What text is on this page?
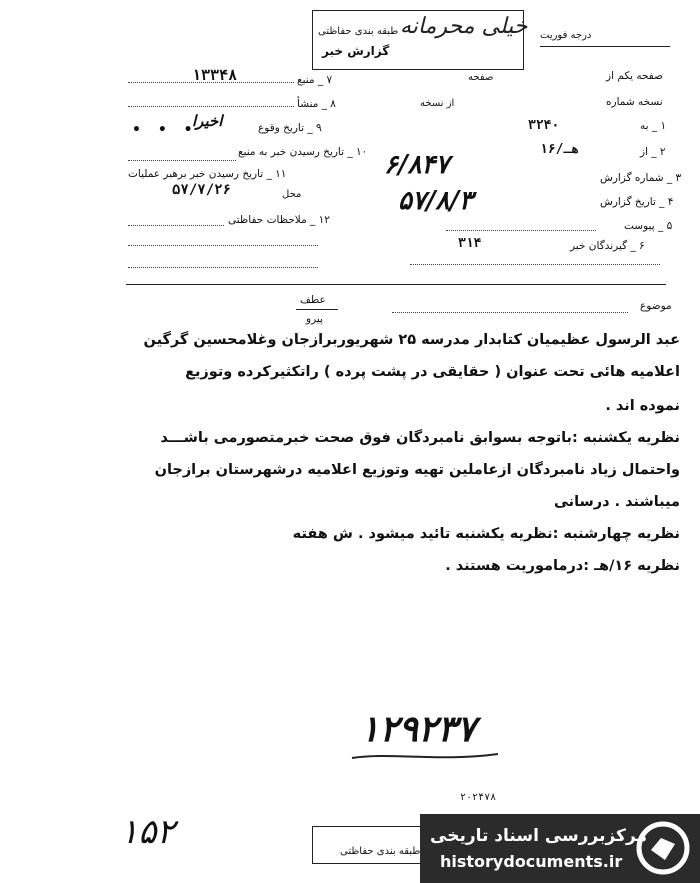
خیلی محرمانه
طبقه بندی حفاظتی
گزارش خبر
درجه فوریت
۱۳۳۴۸	۷ _ منبع
۸ _ منشأ
اخیرا
• • •	۹ _ تاریخ وقوع
۱۰ _ تاریخ رسیدن خبر به منبع
۱۱ _ تاریخ رسیدن خبر برهبر عملیات
۵۷/۷/۲۶	محل
۱۲ _ ملاحظات حفاظتی
صفحه یکم از
صفحه
نسخه شماره
از نسخه
۳۲۴۰	۱ _ به
۱۶/هـ	۲ _ از
۶/۸۴۷	۳ _ شماره گزارش
۵۷/۸/۳	۴ _ تاریخ گزارش
۵ _ پیوست
۳۱۴	۶ _ گیرندگان خبر
عطف
پیرو
موضوع
عبد الرسول عظیمیان کتابدار مدرسه ۲۵ شهریوربرازجان وغلامحسین گرگین
اعلامیه هائی تحت عنوان ( حقایقی در پشت پرده ) راتکثیرکرده وتوزیع
نموده اند .
نظریه یکشنبه :باتوجه بسوابق نامبردگان فوق صحت خبرمتصورمی باشـــد
واحتمال زیاد نامبردگان ازعاملین تهیه وتوزیع اعلامیه درشهرستان برازجان
میباشند . درسانی
نظریه چهارشنبه :نظریه یکشنبه تائید میشود . ش هفته
نظریه ۱۶/هـ :درماموریت هستند .
۱۲۹۲۳۷
۱۵۲
۲۰۲۴۷۸
طبقه بندی حفاظتی
مرکزبررسی اسناد تاریخی
historydocuments.ir
